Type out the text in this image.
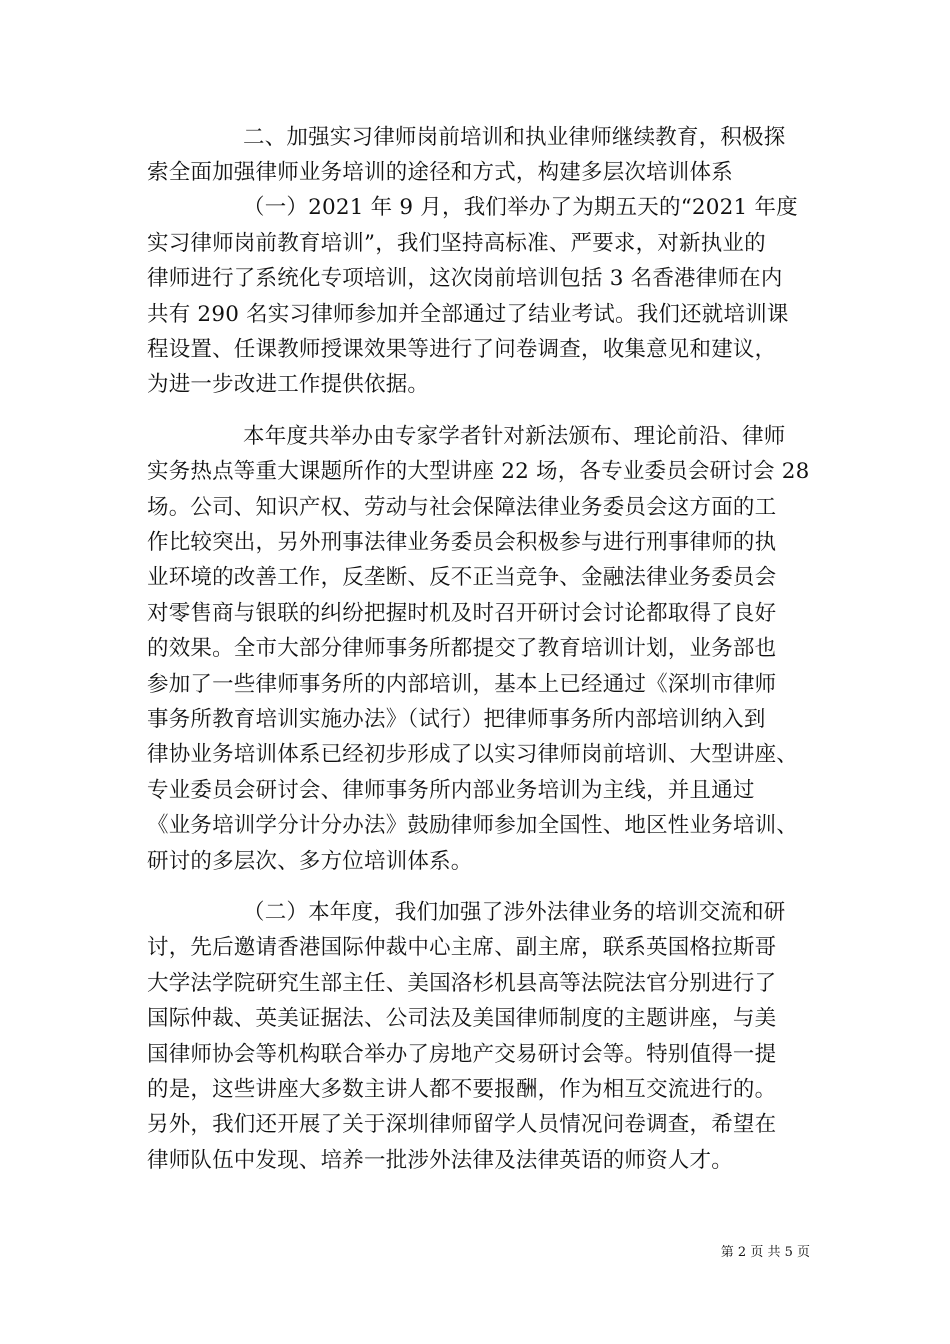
二、加强实习律师岗前培训和执业律师继续教育，积极探
索全面加强律师业务培训的途径和方式，构建多层次培训体系
（一）2021 年 9 月，我们举办了为期五天的“2021 年度
实习律师岗前教育培训”，我们坚持高标准、严要求，对新执业的
律师进行了系统化专项培训，这次岗前培训包括 3 名香港律师在内
共有 290 名实习律师参加并全部通过了结业考试。我们还就培训课
程设置、任课教师授课效果等进行了问卷调查，收集意见和建议，
为进一步改进工作提供依据。
本年度共举办由专家学者针对新法颁布、理论前沿、律师
实务热点等重大课题所作的大型讲座 22 场，各专业委员会研讨会 28
场。公司、知识产权、劳动与社会保障法律业务委员会这方面的工
作比较突出，另外刑事法律业务委员会积极参与进行刑事律师的执
业环境的改善工作，反垄断、反不正当竞争、金融法律业务委员会
对零售商与银联的纠纷把握时机及时召开研讨会讨论都取得了良好
的效果。全市大部分律师事务所都提交了教育培训计划，业务部也
参加了一些律师事务所的内部培训，基本上已经通过《深圳市律师
事务所教育培训实施办法》（试行）把律师事务所内部培训纳入到
律协业务培训体系已经初步形成了以实习律师岗前培训、大型讲座、
专业委员会研讨会、律师事务所内部业务培训为主线，并且通过
《业务培训学分计分办法》鼓励律师参加全国性、地区性业务培训、
研讨的多层次、多方位培训体系。
（二）本年度，我们加强了涉外法律业务的培训交流和研
讨，先后邀请香港国际仲裁中心主席、副主席，联系英国格拉斯哥
大学法学院研究生部主任、美国洛杉机县高等法院法官分别进行了
国际仲裁、英美证据法、公司法及美国律师制度的主题讲座，与美
国律师协会等机构联合举办了房地产交易研讨会等。特别值得一提
的是，这些讲座大多数主讲人都不要报酬，作为相互交流进行的。
另外，我们还开展了关于深圳律师留学人员情况问卷调查，希望在
律师队伍中发现、培养一批涉外法律及法律英语的师资人才。
第 2 页 共 5 页
